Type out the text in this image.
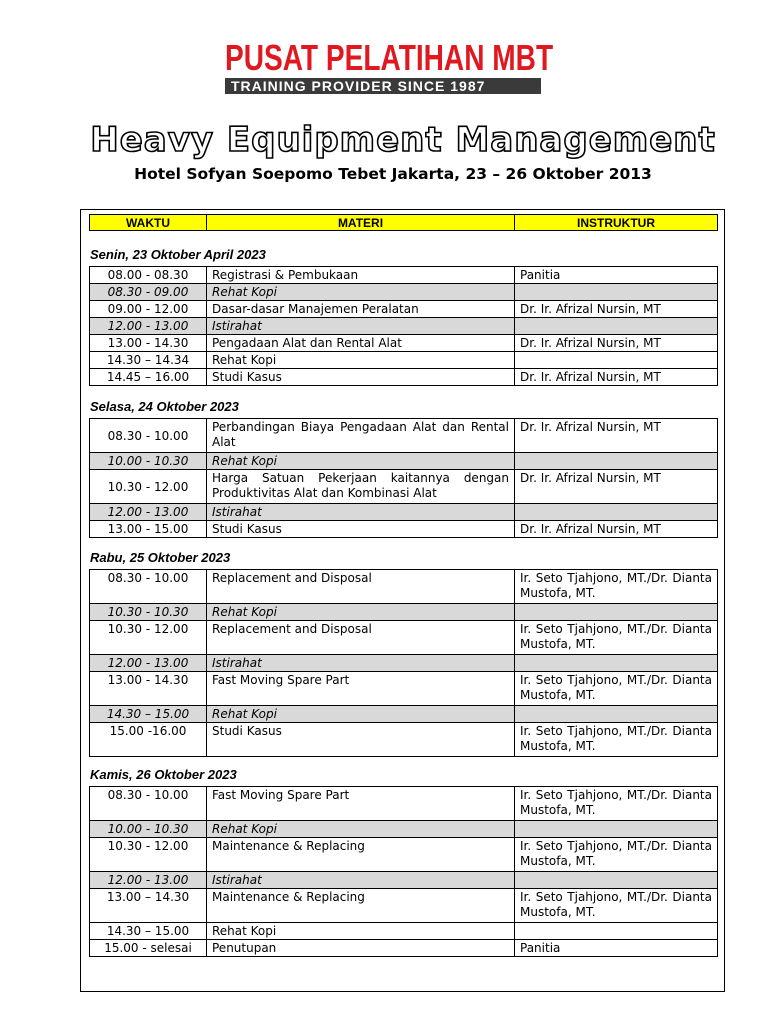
PUSAT PELATIHAN MBT
TRAINING PROVIDER SINCE 1987
Heavy Equipment Management
Hotel Sofyan Soepomo Tebet Jakarta, 23 – 26 Oktober 2013
WAKTU	MATERI	INSTRUKTUR
Senin, 23 Oktober April 2023
08.00 - 08.30	Registrasi & Pembukaan	Panitia
08.30 - 09.00	Rehat Kopi	
09.00 - 12.00	Dasar-dasar Manajemen Peralatan	Dr. Ir. Afrizal Nursin, MT
12.00 - 13.00	Istirahat	
13.00 - 14.30	Pengadaan Alat dan Rental Alat	Dr. Ir. Afrizal Nursin, MT
14.30 – 14.34	Rehat Kopi	
14.45 – 16.00	Studi Kasus	Dr. Ir. Afrizal Nursin, MT
Selasa, 24 Oktober 2023
08.30 - 10.00	Perbandingan Biaya Pengadaan Alat dan Rental Alat	Dr. Ir. Afrizal Nursin, MT
10.00 - 10.30	Rehat Kopi	
10.30 - 12.00	Harga Satuan Pekerjaan kaitannya dengan Produktivitas Alat dan Kombinasi Alat	Dr. Ir. Afrizal Nursin, MT
12.00 - 13.00	Istirahat	
13.00 - 15.00	Studi Kasus	Dr. Ir. Afrizal Nursin, MT
Rabu, 25 Oktober 2023
08.30 - 10.00	Replacement and Disposal	Ir. Seto Tjahjono, MT./Dr. Dianta Mustofa, MT.
10.30 - 10.30	Rehat Kopi	
10.30 - 12.00	Replacement and Disposal	Ir. Seto Tjahjono, MT./Dr. Dianta Mustofa, MT.
12.00 - 13.00	Istirahat	
13.00 - 14.30	Fast Moving Spare Part	Ir. Seto Tjahjono, MT./Dr. Dianta Mustofa, MT.
14.30 – 15.00	Rehat Kopi	
15.00 -16.00	Studi Kasus	Ir. Seto Tjahjono, MT./Dr. Dianta Mustofa, MT.
Kamis, 26 Oktober 2023
08.30 - 10.00	Fast Moving Spare Part	Ir. Seto Tjahjono, MT./Dr. Dianta Mustofa, MT.
10.00 - 10.30	Rehat Kopi	
10.30 - 12.00	Maintenance & Replacing	Ir. Seto Tjahjono, MT./Dr. Dianta Mustofa, MT.
12.00 - 13.00	Istirahat	
13.00 – 14.30	Maintenance & Replacing	Ir. Seto Tjahjono, MT./Dr. Dianta Mustofa, MT.
14.30 – 15.00	Rehat Kopi	
15.00 - selesai	Penutupan	Panitia
